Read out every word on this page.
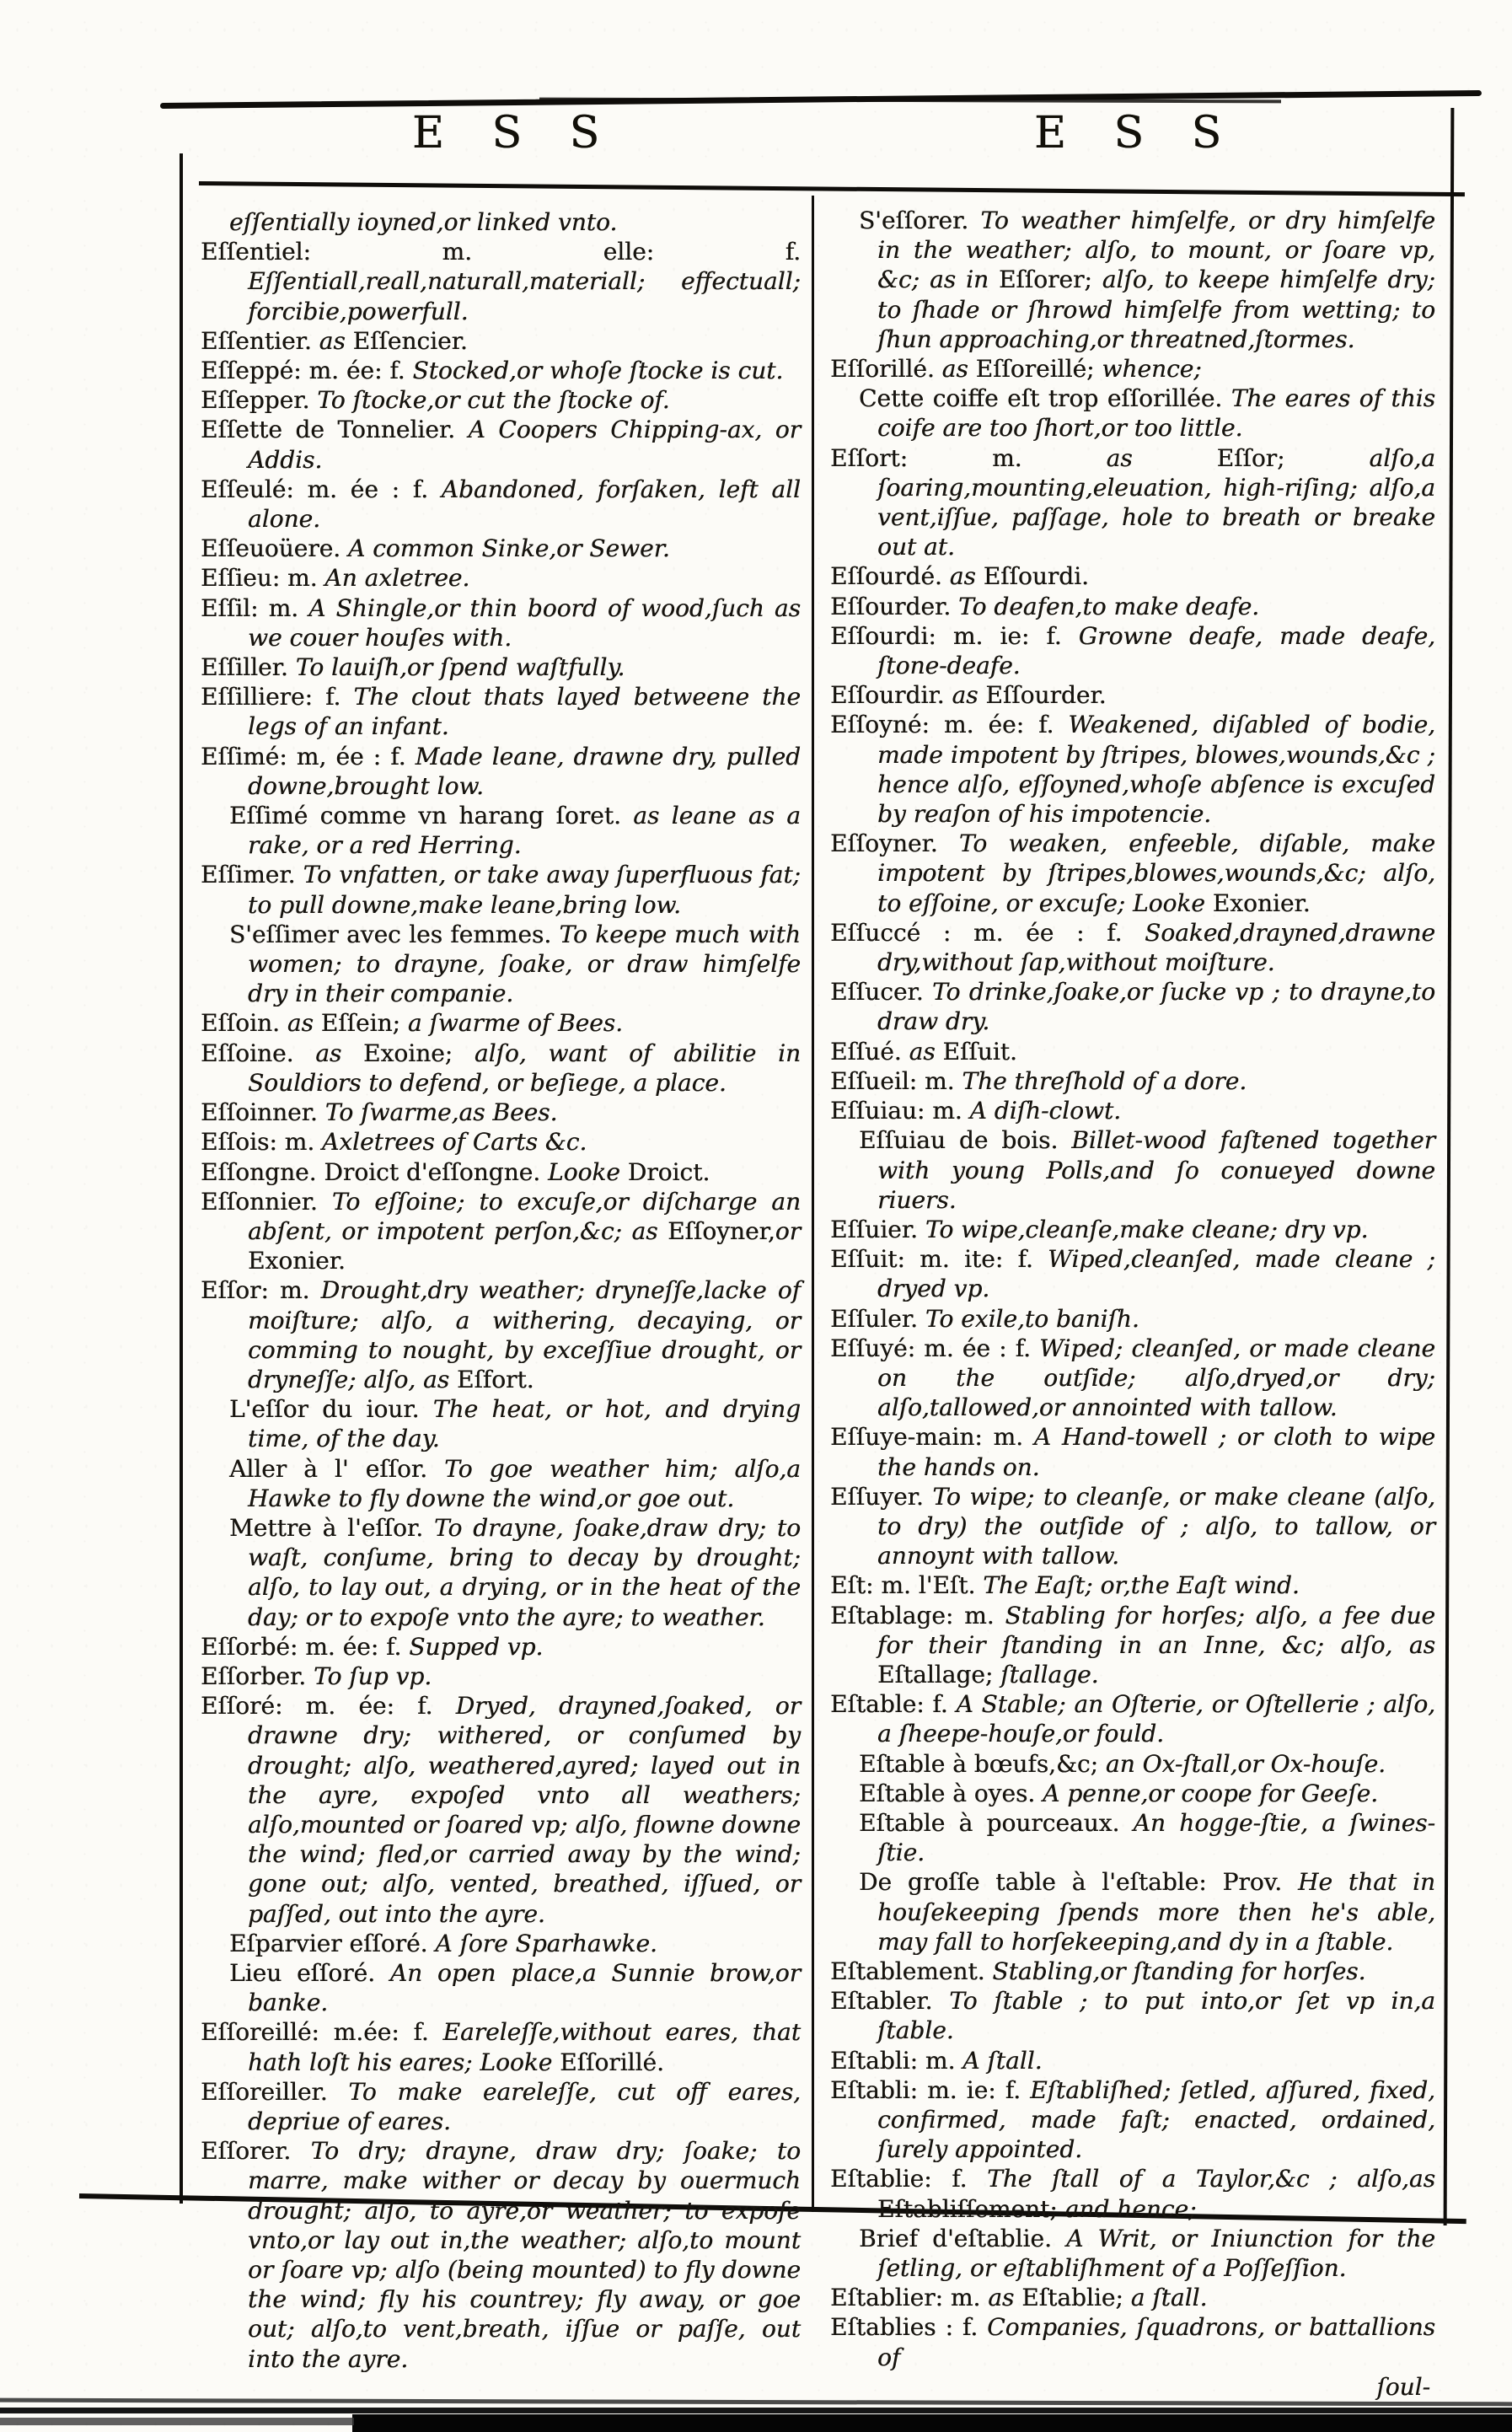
E S S	E S S

eſſentially ioyned,or linked vnto.

Eſſentiel: m. elle: f. Eſſentiall,reall,naturall,materiall; effectuall; forcibie,powerfull.

Eſſentier. as Eſſencier.

Eſſeppé: m. ée: f. Stocked,or whoſe ſtocke is cut.

Eſſepper. To ſtocke,or cut the ſtocke of.

Eſſette de Tonnelier. A Coopers Chipping-ax, or Addis.

Eſſeulé: m. ée : f. Abandoned, forſaken, left all alone.

Eſſeuoüere. A common Sinke,or Sewer.

Eſſieu: m. An axletree.

Eſſil: m. A Shingle,or thin boord of wood,ſuch as we couer houſes with.

Eſſiller. To lauiſh,or ſpend waſtfully.

Eſſilliere: f. The clout thats layed betweene the legs of an infant.

Eſſimé: m, ée : f. Made leane, drawne dry, pulled downe,brought low.

Eſſimé comme vn harang ſoret. as leane as a rake, or a red Herring.

Eſſimer. To vnfatten, or take away ſuperfluous fat; to pull downe,make leane,bring low.

S'eſſimer avec les femmes. To keepe much with women; to drayne, ſoake, or draw himſelfe dry in their companie.

Eſſoin. as Eſſein; a ſwarme of Bees.

Eſſoine. as Exoine; alſo, want of abilitie in Souldiors to defend, or beſiege, a place.

Eſſoinner. To ſwarme,as Bees.

Eſſois: m. Axletrees of Carts &c.

Eſſongne. Droict d'eſſongne. Looke Droict.

Eſſonnier. To eſſoine; to excuſe,or diſcharge an abſent, or impotent perſon,&c; as Eſſoyner,or Exonier.

Eſſor: m. Drought,dry weather; dryneſſe,lacke of moiſture; alſo, a withering, decaying, or comming to nought, by exceſſiue drought, or dryneſſe; alſo, as Eſfort.

L'eſſor du iour. The heat, or hot, and drying time, of the day.

Aller à l' eſſor. To goe weather him; alſo,a Hawke to fly downe the wind,or goe out.

Mettre à l'eſſor. To drayne, ſoake,draw dry; to waſt, conſume, bring to decay by drought; alſo, to lay out, a drying, or in the heat of the day; or to expoſe vnto the ayre; to weather.

Eſſorbé: m. ée: f. Supped vp.

Eſſorber. To ſup vp.

Eſſoré: m. ée: f. Dryed, drayned,ſoaked, or drawne dry; withered, or conſumed by drought; alſo, weathered,ayred; layed out in the ayre, expoſed vnto all weathers; alſo,mounted or ſoared vp; alſo, flowne downe the wind; fled,or carried away by the wind; gone out; alſo, vented, breathed, iſſued, or paſſed, out into the ayre.

Eſparvier eſſoré. A ſore Sparhawke.

Lieu eſſoré. An open place,a Sunnie brow,or banke.

Eſſoreillé: m.ée: f. Eareleſſe,without eares, that hath loſt his eares; Looke Eſſorillé.

Eſſoreiller. To make eareleſſe, cut off eares, depriue of eares.

Eſſorer. To dry; drayne, draw dry; ſoake; to marre, make wither or decay by ouermuch drought; alſo, to ayre,or weather; to expoſe vnto,or lay out in,the weather; alſo,to mount or ſoare vp; alſo (being mounted) to fly downe the wind; fly his countrey; fly away, or goe out; alſo,to vent,breath, iſſue or paſſe, out into the ayre.

S'eſſorer. To weather himſelfe, or dry himſelfe in the weather; alſo, to mount, or ſoare vp, &c; as in Eſſorer; alſo, to keepe himſelfe dry; to ſhade or ſhrowd himſelfe from wetting; to ſhun approaching,or threatned,ſtormes.

Eſſorillé. as Eſſoreillé; whence;

Cette coiffe eſt trop eſſorillée. The eares of this coife are too ſhort,or too little.

Eſſort: m. as Eſſor; alſo,a ſoaring,mounting,eleuation, high-riſing; alſo,a vent,iſſue, paſſage, hole to breath or breake out at.

Eſſourdé. as Eſſourdi.

Eſſourder. To deafen,to make deafe.

Eſſourdi: m. ie: f. Growne deafe, made deafe, ſtone-deafe.

Eſſourdir. as Eſſourder.

Eſſoyné: m. ée: f. Weakened, diſabled of bodie, made impotent by ſtripes, blowes,wounds,&c ; hence alſo, eſſoyned,whoſe abſence is excuſed by reaſon of his impotencie.

Eſſoyner. To weaken, enfeeble, diſable, make impotent by ſtripes,blowes,wounds,&c; alſo, to eſſoine, or excuſe; Looke Exonier.

Eſſuccé : m. ée : f. Soaked,drayned,drawne dry,without ſap,without moiſture.

Eſſucer. To drinke,ſoake,or ſucke vp ; to drayne,to draw dry.

Eſſué. as Eſſuit.

Eſſueil: m. The threſhold of a dore.

Eſſuiau: m. A diſh-clowt.

Eſſuiau de bois. Billet-wood faſtened together with young Polls,and ſo conueyed downe riuers.

Eſſuier. To wipe,cleanſe,make cleane; dry vp.

Eſſuit: m. ite: f. Wiped,cleanſed, made cleane ; dryed vp.

Eſſuler. To exile,to baniſh.

Eſſuyé: m. ée : f. Wiped; cleanſed, or made cleane on the outſide; alſo,dryed,or dry; alſo,tallowed,or annointed with tallow.

Eſſuye-main: m. A Hand-towell ; or cloth to wipe the hands on.

Eſſuyer. To wipe; to cleanſe, or make cleane (alſo, to dry) the outſide of ; alſo, to tallow, or annoynt with tallow.

Eſt: m. l'Eſt. The Eaſt; or,the Eaſt wind.

Eſtablage: m. Stabling for horſes; alſo, a fee due for their ſtanding in an Inne, &c; alſo, as Eſtallage; ſtallage.

Eſtable: f. A Stable; an Oſterie, or Oſtellerie ; alſo, a ſheepe-houſe,or fould.

Eſtable à bœufs,&c; an Ox-ſtall,or Ox-houſe.

Eſtable à oyes. A penne,or coope for Geeſe.

Eſtable à pourceaux. An hogge-ſtie, a ſwines-ſtie.

De groſſe table à l'eſtable: Prov. He that in houſekeeping ſpends more then he's able, may fall to horſekeeping,and dy in a ſtable.

Eſtablement. Stabling,or ſtanding for horſes.

Eſtabler. To ſtable ; to put into,or ſet vp in,a ſtable.

Eſtabli: m. A ſtall.

Eſtabli: m. ie: f. Eſtabliſhed; ſetled, aſſured, fixed, confirmed, made faſt; enacted, ordained, ſurely appointed.

Eſtablie: f. The ſtall of a Taylor,&c ; alſo,as Eſtabliſſement; and hence;

Brief d'eſtablie. A Writ, or Iniunction for the ſetling, or eſtabliſhment of a Poſſeſſion.

Eſtablier: m. as Eſtablie; a ſtall.

Eſtablies : f. Companies, ſquadrons, or battallions of

ſoul-
